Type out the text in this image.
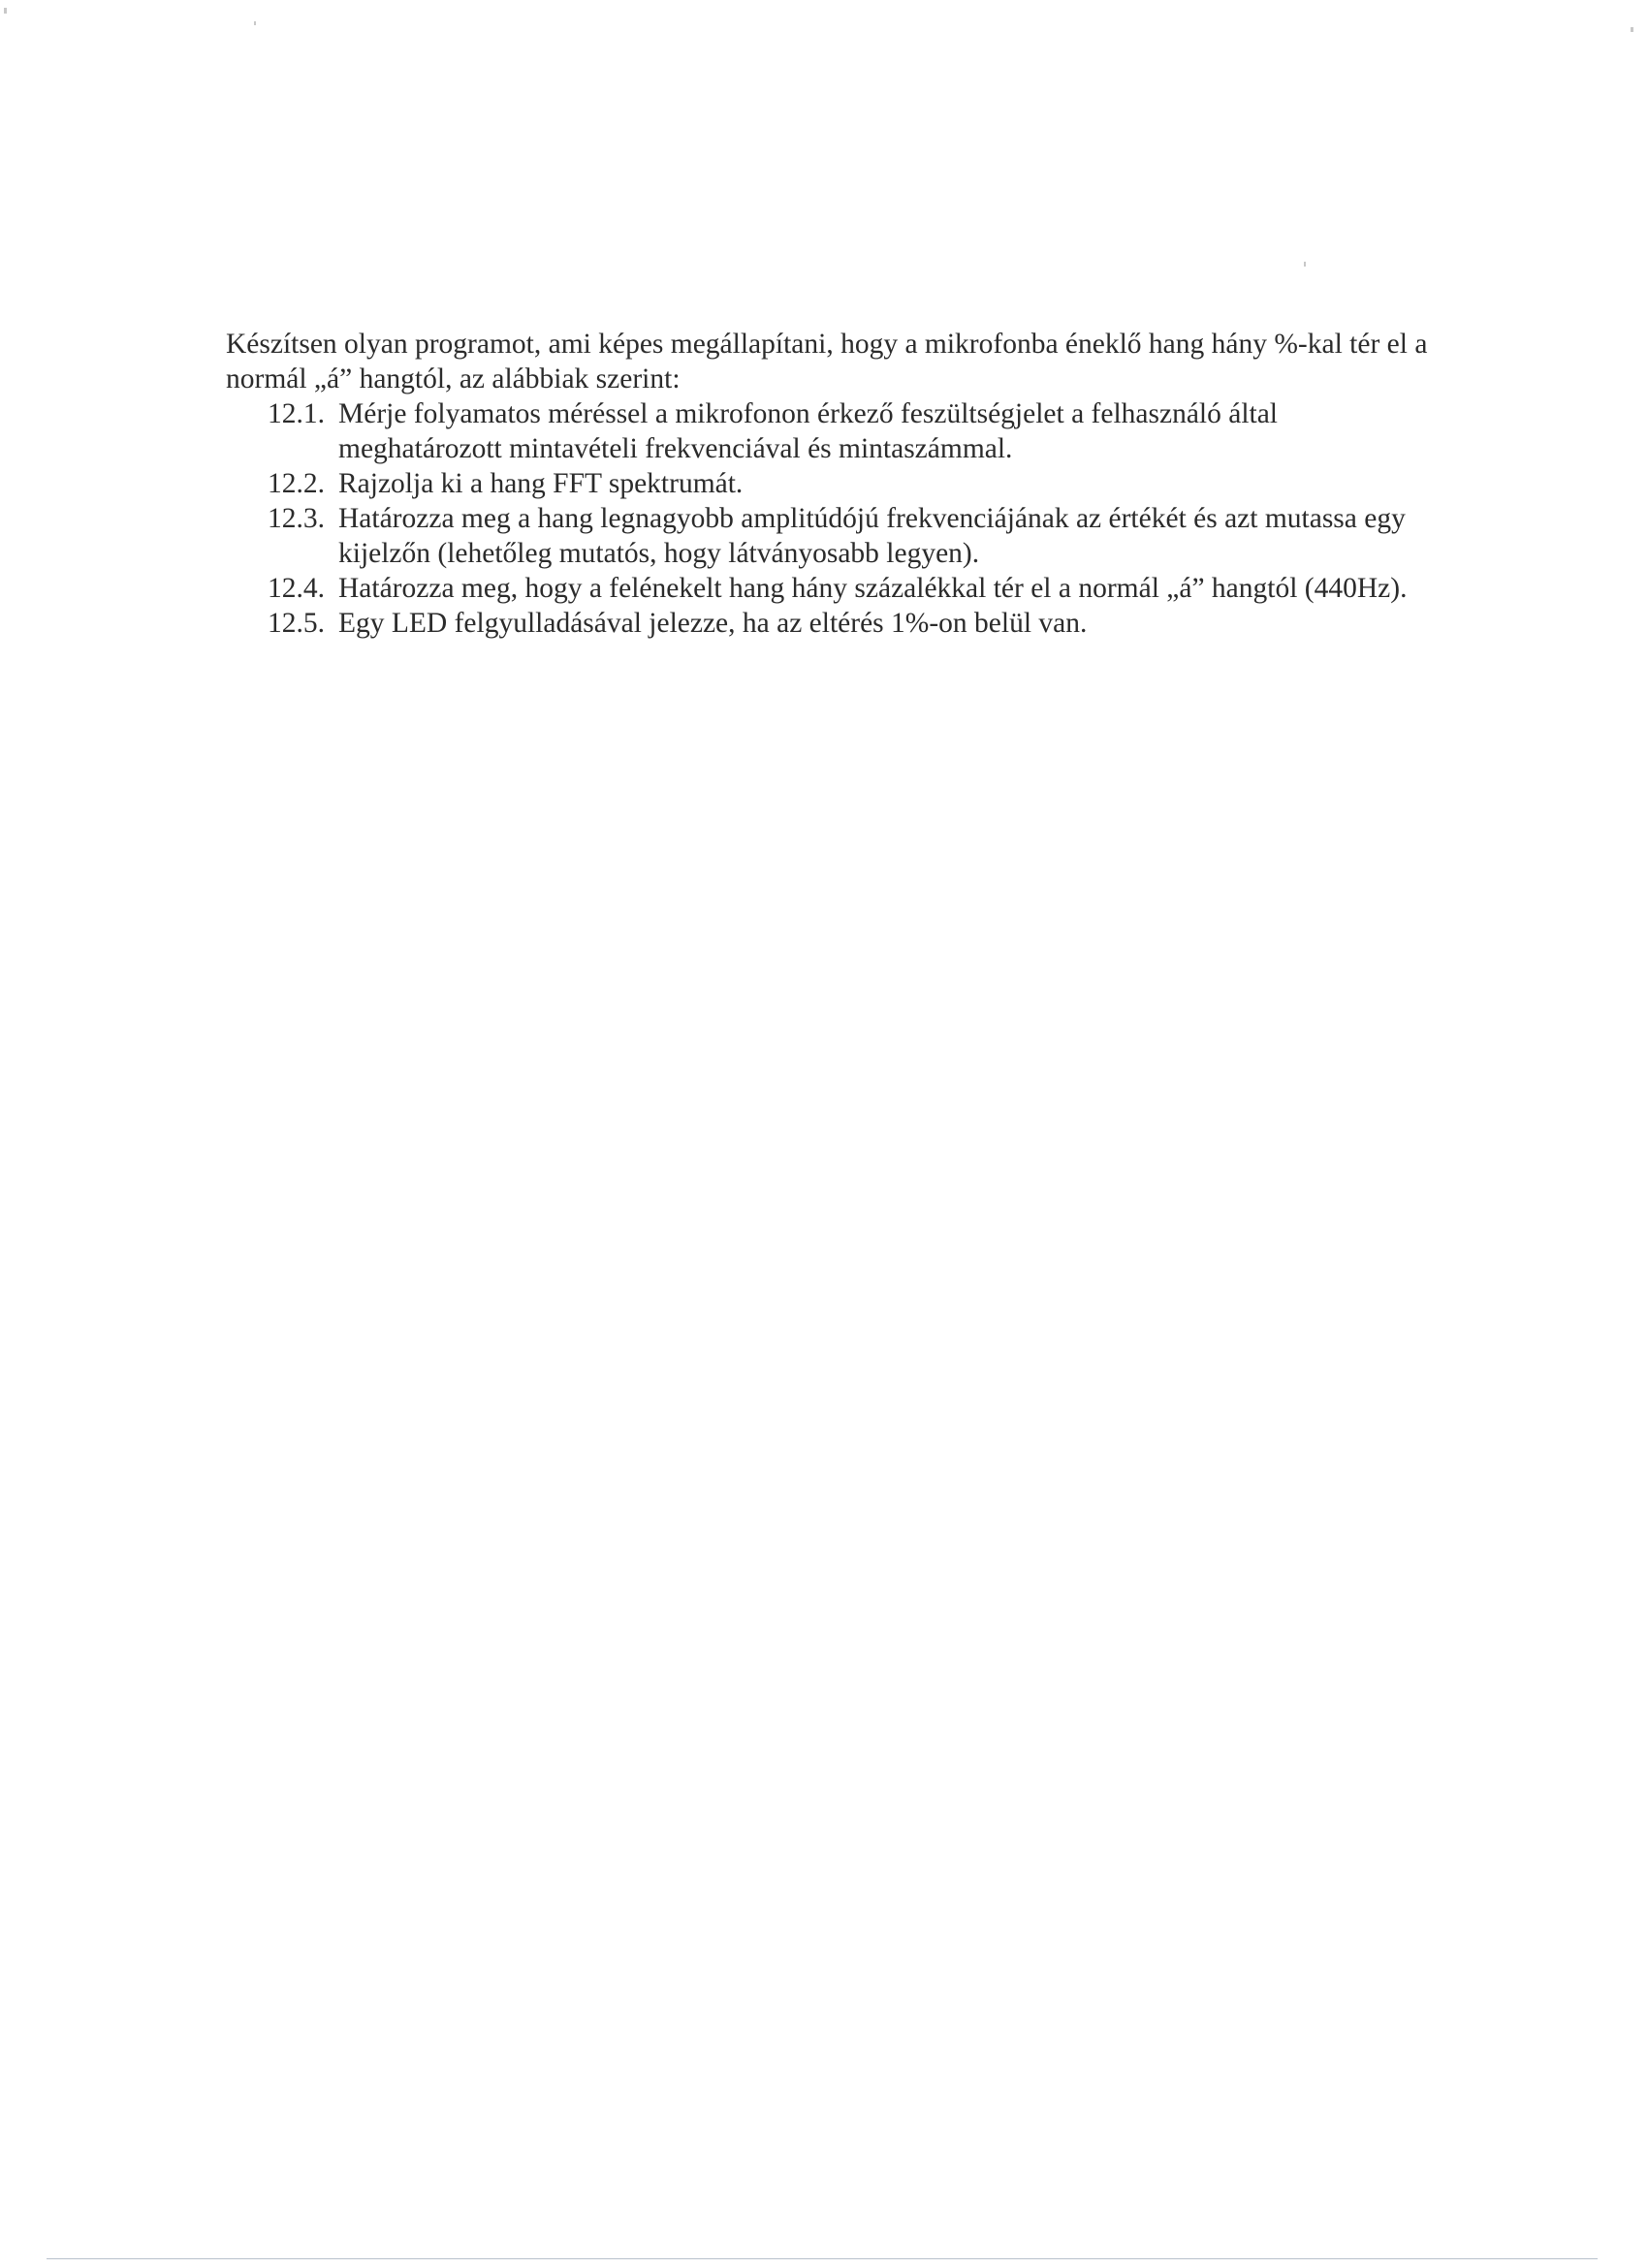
Készítsen olyan programot, ami képes megállapítani, hogy a mikrofonba éneklő hang hány %-kal tér el a normál „á” hangtól, az alábbiak szerint:

12.1. Mérje folyamatos méréssel a mikrofonon érkező feszültségjelet a felhasználó által meghatározott mintavételi frekvenciával és mintaszámmal.
12.2. Rajzolja ki a hang FFT spektrumát.
12.3. Határozza meg a hang legnagyobb amplitúdójú frekvenciájának az értékét és azt mutassa egy kijelzőn (lehetőleg mutatós, hogy látványosabb legyen).
12.4. Határozza meg, hogy a felénekelt hang hány százalékkal tér el a normál „á” hangtól (440Hz).
12.5. Egy LED felgyulladásával jelezze, ha az eltérés 1%-on belül van.
